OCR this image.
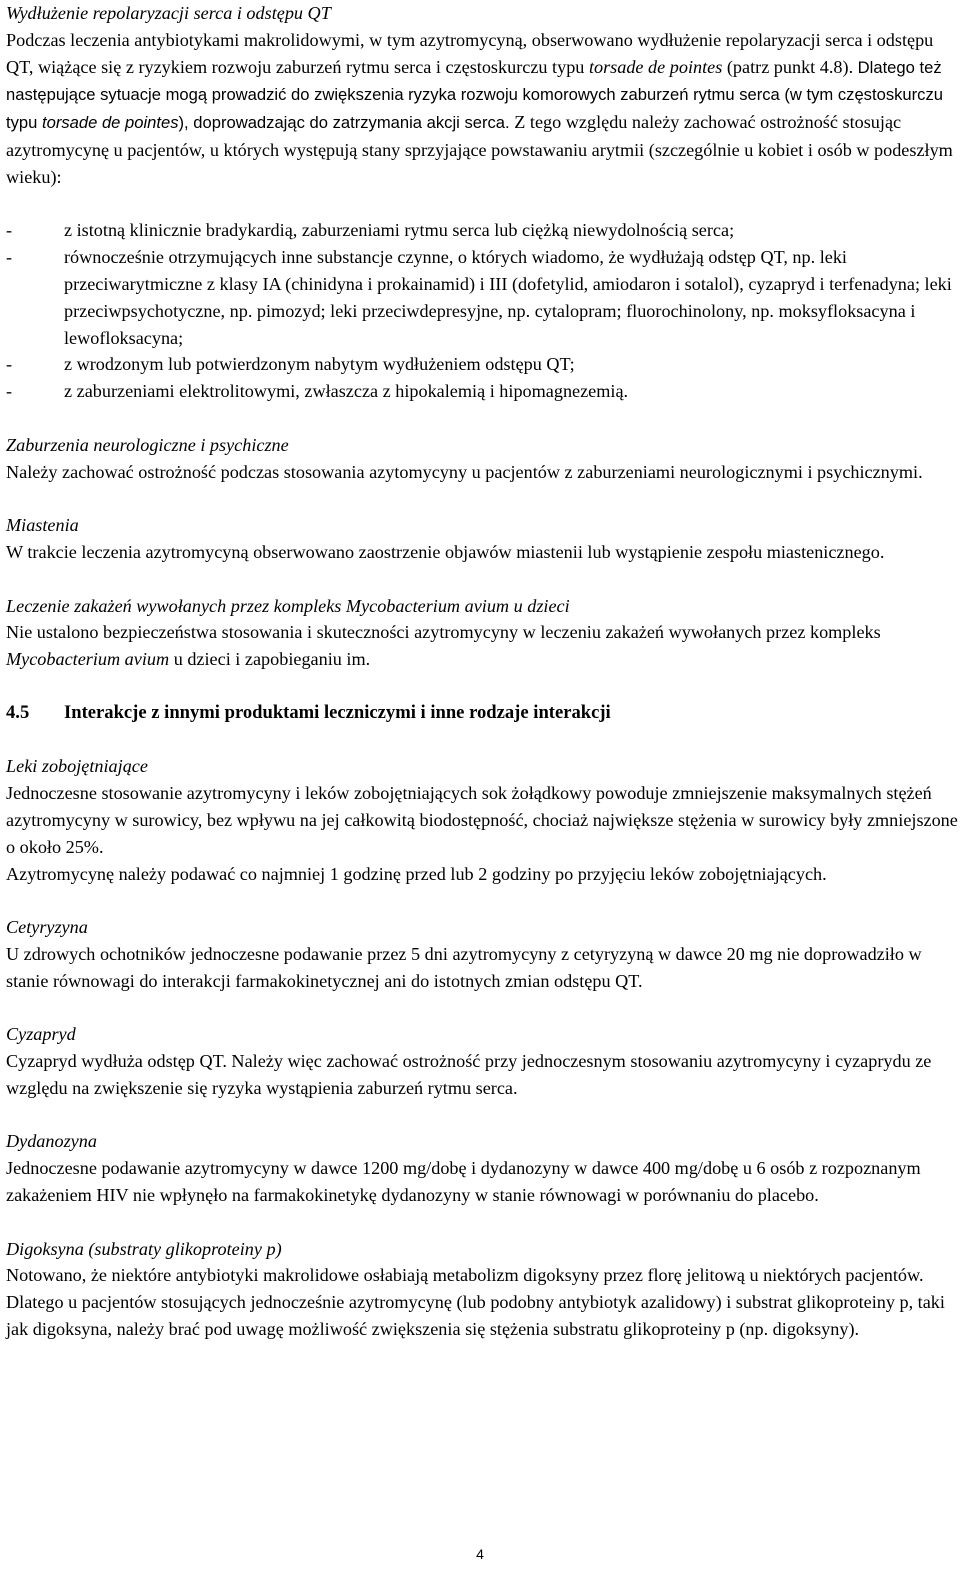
Wydłużenie repolaryzacji serca i odstępu QT

Podczas leczenia antybiotykami makrolidowymi, w tym azytromycyną, obserwowano wydłużenie repolaryzacji serca i odstępu QT, wiążące się z ryzykiem rozwoju zaburzeń rytmu serca i częstoskurczu typu torsade de pointes (patrz punkt 4.8). Dlatego też następujące sytuacje mogą prowadzić do zwiększenia ryzyka rozwoju komorowych zaburzeń rytmu serca (w tym częstoskurczu typu torsade de pointes), doprowadzając do zatrzymania akcji serca. Z tego względu należy zachować ostrożność stosując azytromycynę u pacjentów, u których występują stany sprzyjające powstawaniu arytmii (szczególnie u kobiet i osób w podeszłym wieku):

-	z istotną klinicznie bradykardią, zaburzeniami rytmu serca lub ciężką niewydolnością serca;
-	równocześnie otrzymujących inne substancje czynne, o których wiadomo, że wydłużają odstęp QT, np. leki przeciwarytmiczne z klasy IA (chinidyna i prokainamid) i III (dofetylid, amiodaron i sotalol), cyzapryd i terfenadyna; leki przeciwpsychotyczne, np. pimozyd; leki przeciwdepresyjne, np. cytalopram; fluorochinolony, np. moksyfloksacyna i lewofloksacyna;
-	z wrodzonym lub potwierdzonym nabytym wydłużeniem odstępu QT;
-	z zaburzeniami elektrolitowymi, zwłaszcza z hipokalemią i hipomagnezemią.

Zaburzenia neurologiczne i psychiczne

Należy zachować ostrożność podczas stosowania azytomycyny u pacjentów z zaburzeniami neurologicznymi i psychicznymi.

Miastenia

W trakcie leczenia azytromycyną obserwowano zaostrzenie objawów miastenii lub wystąpienie zespołu miastenicznego.

Leczenie zakażeń wywołanych przez kompleks Mycobacterium avium u dzieci

Nie ustalono bezpieczeństwa stosowania i skuteczności azytromycyny w leczeniu zakażeń wywołanych przez kompleks Mycobacterium avium u dzieci i zapobieganiu im.

4.5	Interakcje z innymi produktami leczniczymi i inne rodzaje interakcji

Leki zobojętniające

Jednoczesne stosowanie azytromycyny i leków zobojętniających sok żołądkowy powoduje zmniejszenie maksymalnych stężeń azytromycyny w surowicy, bez wpływu na jej całkowitą biodostępność, chociaż największe stężenia w surowicy były zmniejszone o około 25%.

Azytromycynę należy podawać co najmniej 1 godzinę przed lub 2 godziny po przyjęciu leków zobojętniających.

Cetyryzyna

U zdrowych ochotników jednoczesne podawanie przez 5 dni azytromycyny z cetyryzyną w dawce 20 mg nie doprowadziło w stanie równowagi do interakcji farmakokinetycznej ani do istotnych zmian odstępu QT.

Cyzapryd

Cyzapryd wydłuża odstęp QT. Należy więc zachować ostrożność przy jednoczesnym stosowaniu azytromycyny i cyzaprydu ze względu na zwiększenie się ryzyka wystąpienia zaburzeń rytmu serca.

Dydanozyna

Jednoczesne podawanie azytromycyny w dawce 1200 mg/dobę i dydanozyny w dawce 400 mg/dobę u 6 osób z rozpoznanym zakażeniem HIV nie wpłynęło na farmakokinetykę dydanozyny w stanie równowagi w porównaniu do placebo.

Digoksyna (substraty glikoproteiny p)

Notowano, że niektóre antybiotyki makrolidowe osłabiają metabolizm digoksyny przez florę jelitową u niektórych pacjentów. Dlatego u pacjentów stosujących jednocześnie azytromycynę (lub podobny antybiotyk azalidowy) i substrat glikoproteiny p, taki jak digoksyna, należy brać pod uwagę możliwość zwiększenia się stężenia substratu glikoproteiny p (np. digoksyny).

4
